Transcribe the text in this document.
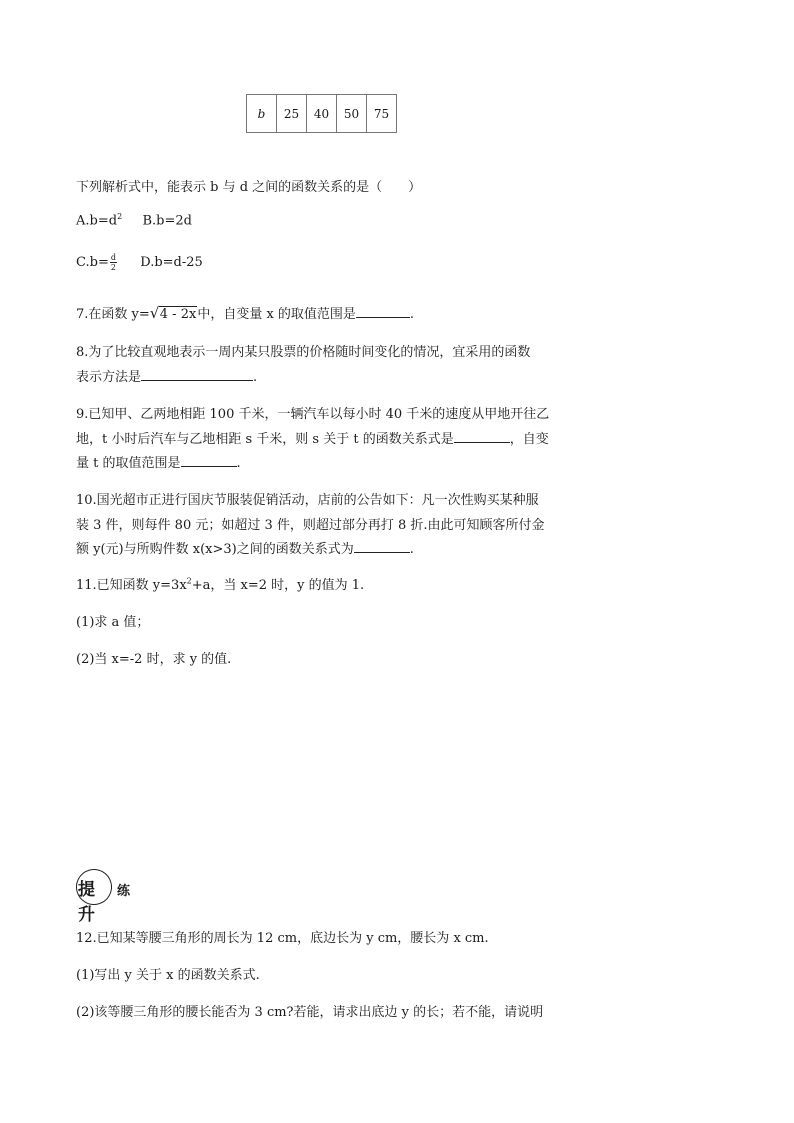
b	25	40	50	75
下列解析式中，能表示 b 与 d 之间的函数关系的是（　　）
$A.b=d^2$ B.b=2d
$C.b= \frac{d}{2} D.b=d-25$
7.在函数 y= √ 4 - 2x中，自变量 x 的取值范围是	.
8.为了比较直观地表示一周内某只股票的价格随时间变化的情况，宜采用的函数
表示方法是	.
9.已知甲、乙两地相距 100 千米，一辆汽车以每小时 40 千米的速度从甲地开往乙
地，t 小时后汽车与乙地相距 s 千米，则 s 关于 t 的函数关系式是	，自变
量 t 的取值范围是	.
10.国光超市正进行国庆节服装促销活动，店前的公告如下：凡一次性购买某种服
装 3 件，则每件 80 元；如超过 3 件，则超过部分再打 8 折.由此可知顾客所付金
额 y(元)与所购件数 x(x>3)之间的函数关系式为	.
11.已知函数 $y=3x^2+a$，当 x=2 时，y 的值为 1.
(1)求 a 值；
(2)当 x=-2 时，求 y 的值.
提升
练
12.已知某等腰三角形的周长为 12 cm，底边长为 y cm，腰长为 x cm.
(1)写出 y 关于 x 的函数关系式.
(2)该等腰三角形的腰长能否为 3 cm?若能，请求出底边 y 的长；若不能，请说明
